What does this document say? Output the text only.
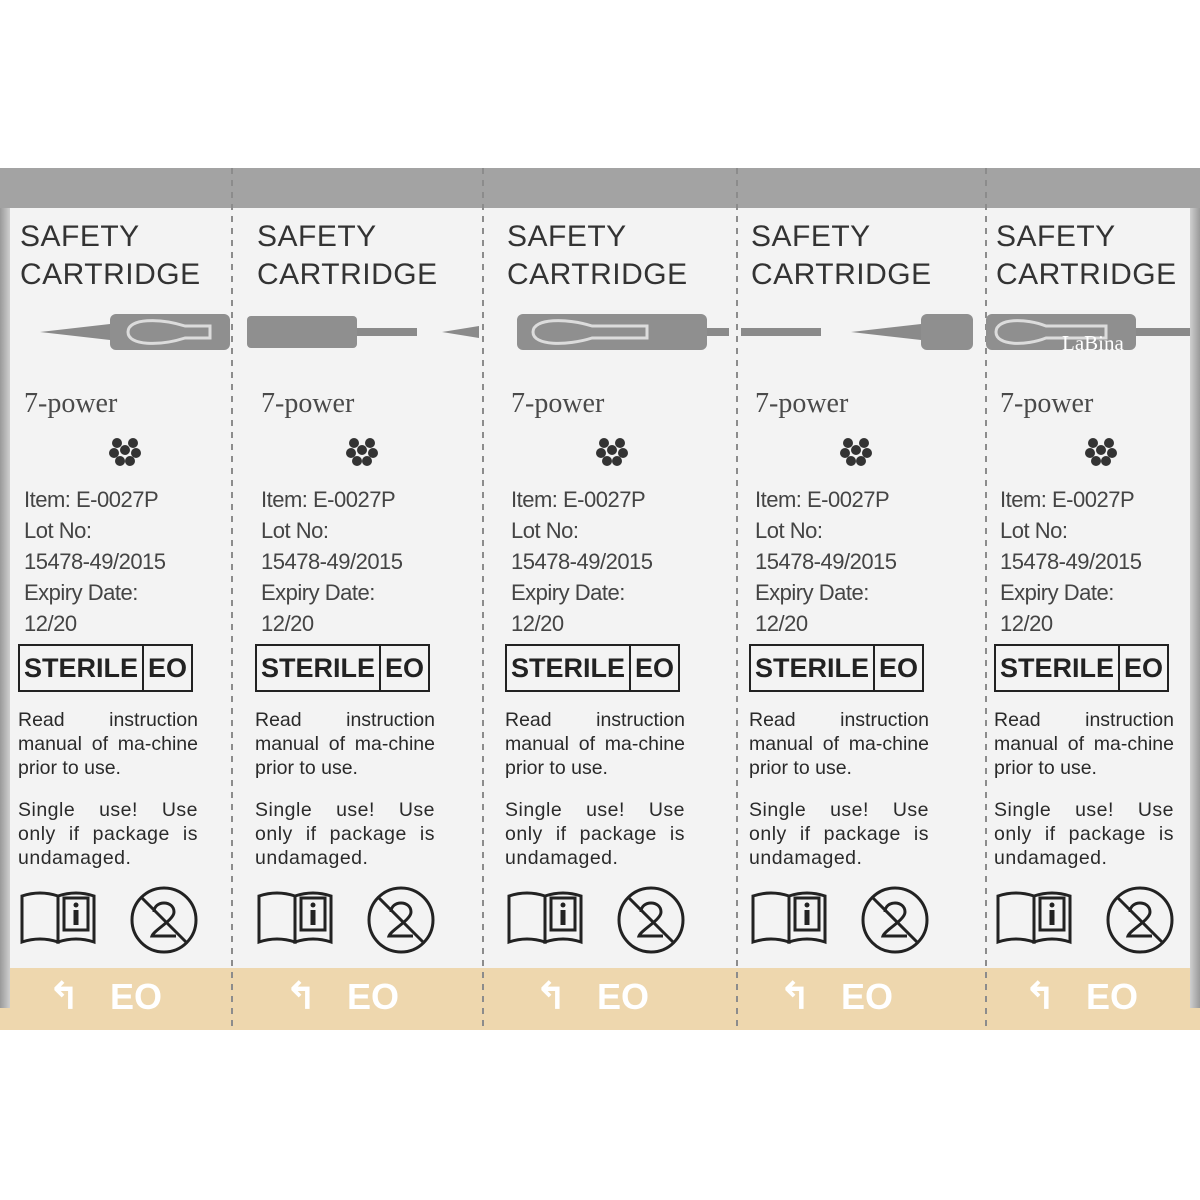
SAFETY
CARTRIDGE
7-power
Item: E-0027P
Lot No:
15478-49/2015
Expiry Date:
12/20
STERILE EO
Read instruction manual of ma-chine prior to use.
Single use! Use only if package is undamaged.
↰ EO
SAFETY
CARTRIDGE
7-power
Item: E-0027P
Lot No:
15478-49/2015
Expiry Date:
12/20
STERILE EO
Read instruction manual of ma-chine prior to use.
Single use! Use only if package is undamaged.
↰ EO
SAFETY
CARTRIDGE
7-power
Item: E-0027P
Lot No:
15478-49/2015
Expiry Date:
12/20
STERILE EO
Read instruction manual of ma-chine prior to use.
Single use! Use only if package is undamaged.
↰ EO
SAFETY
CARTRIDGE
7-power
Item: E-0027P
Lot No:
15478-49/2015
Expiry Date:
12/20
STERILE EO
Read instruction manual of ma-chine prior to use.
Single use! Use only if package is undamaged.
↰ EO
SAFETY
CARTRIDGE
7-power
Item: E-0027P
Lot No:
15478-49/2015
Expiry Date:
12/20
STERILE EO
Read instruction manual of ma-chine prior to use.
Single use! Use only if package is undamaged.
↰ EO
LaBina
